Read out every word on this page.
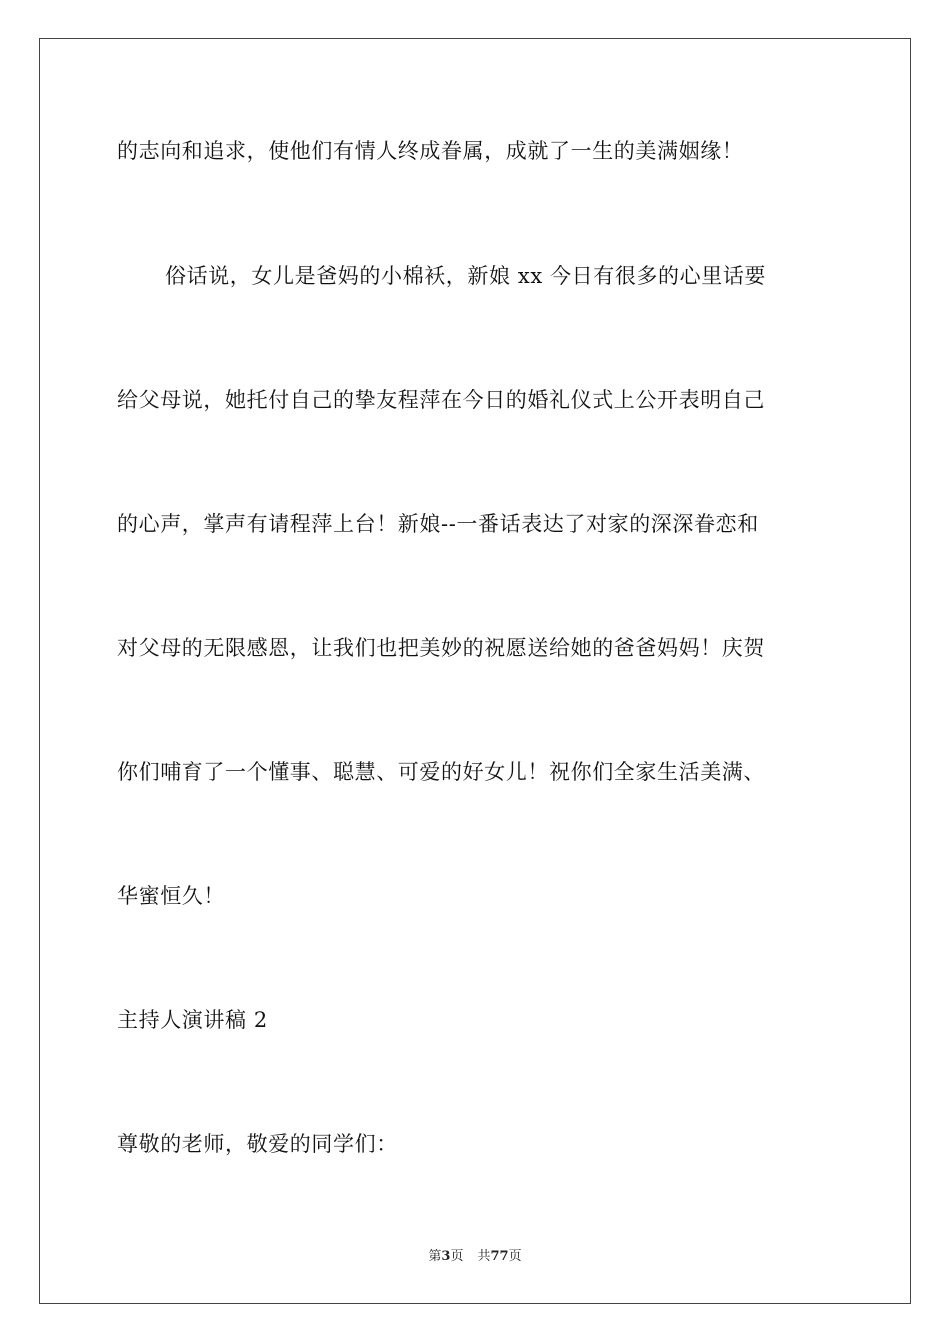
的志向和追求，使他们有情人终成眷属，成就了一生的美满姻缘！
俗话说，女儿是爸妈的小棉袄，新娘 xx 今日有很多的心里话要
给父母说，她托付自己的挚友程萍在今日的婚礼仪式上公开表明自己
的心声，掌声有请程萍上台！新娘--一番话表达了对家的深深眷恋和
对父母的无限感恩，让我们也把美妙的祝愿送给她的爸爸妈妈！庆贺
你们哺育了一个懂事、聪慧、可爱的好女儿！祝你们全家生活美满、
华蜜恒久！
主持人演讲稿 2
尊敬的老师，敬爱的同学们：
第3页 共77页
